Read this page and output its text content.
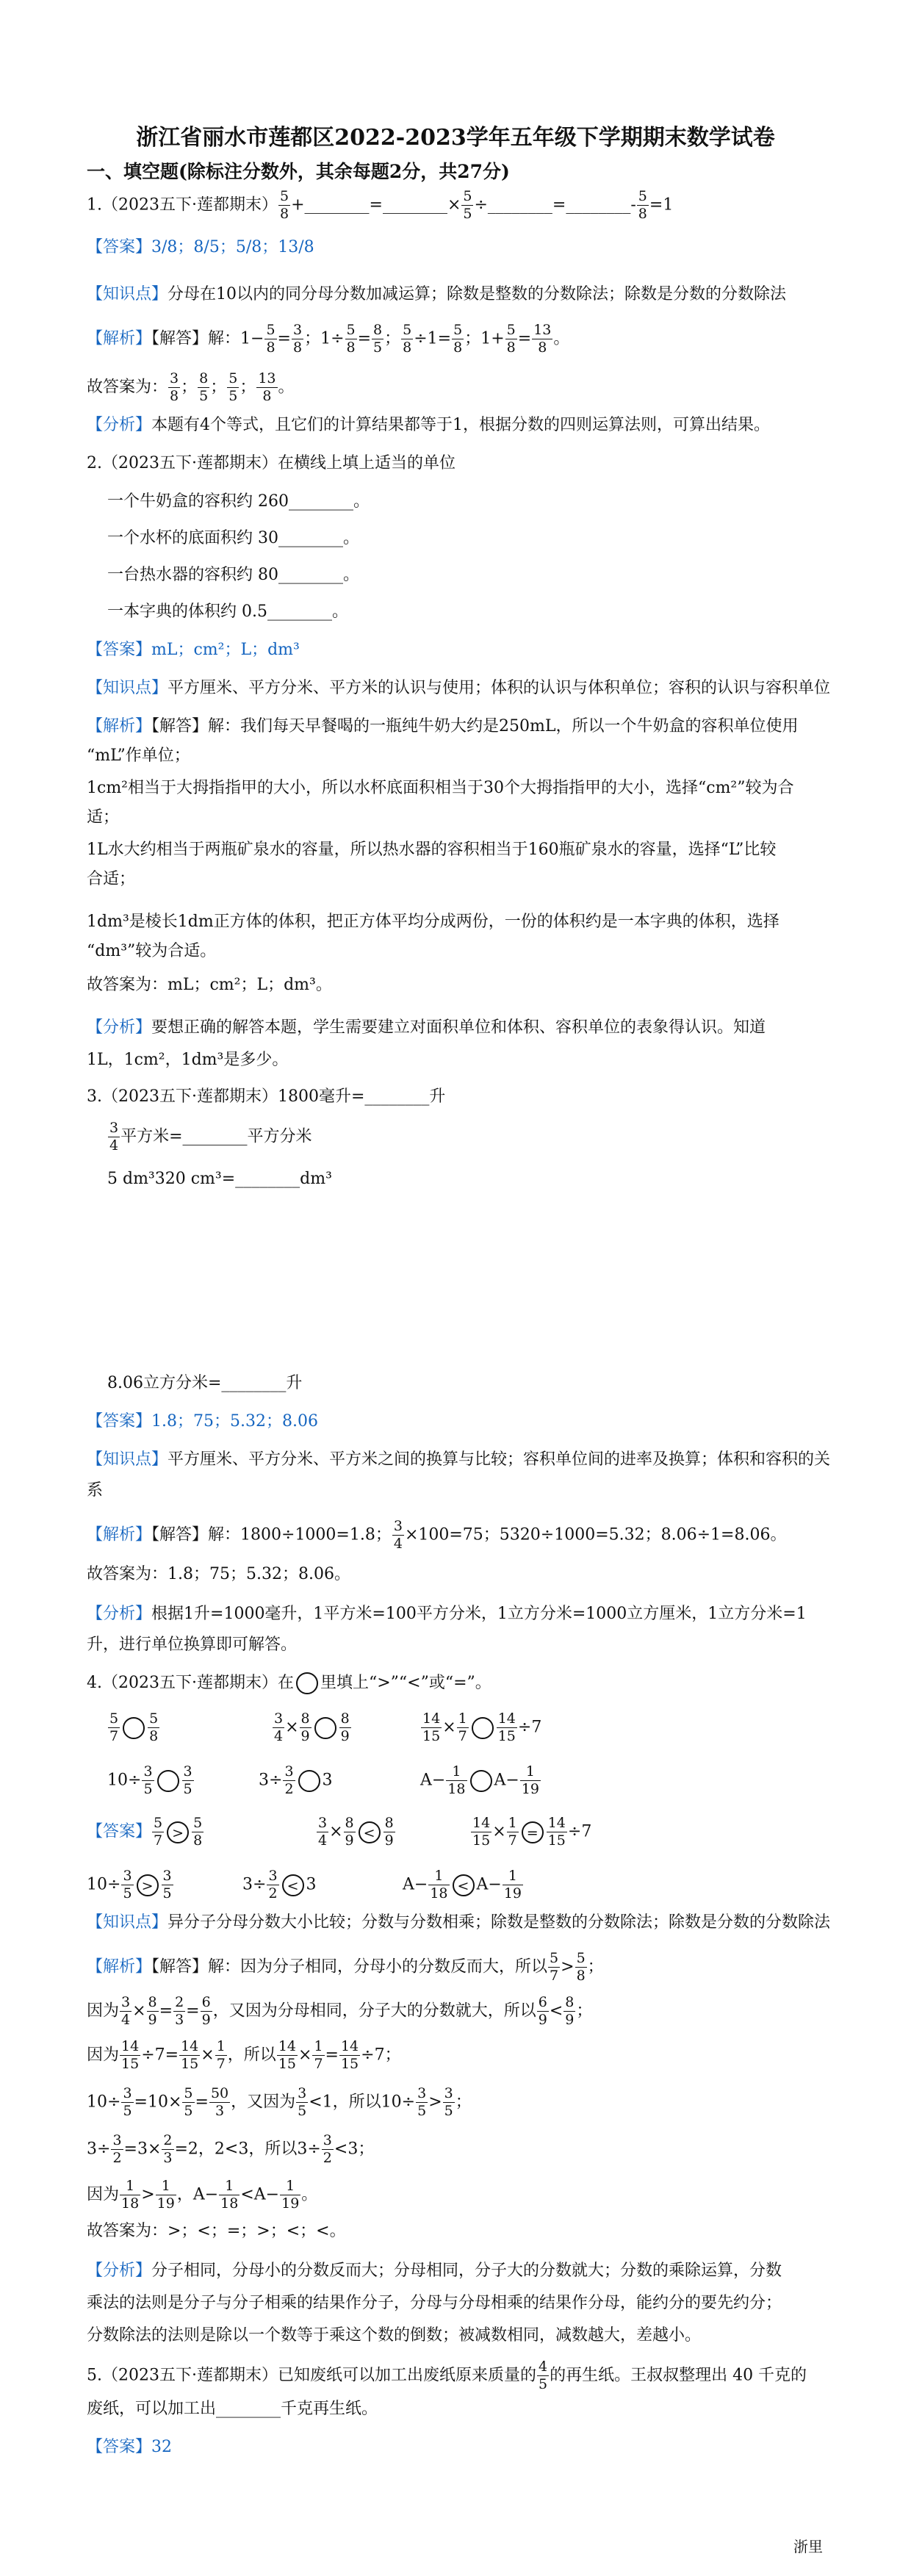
浙江省丽水市莲都区2022-2023学年五年级下学期期末数学试卷
一、填空题(除标注分数外，其余每题2分，共27分)
1.（2023五下·莲都期末） $\frac{5}{8}$ +________=________× $\frac{5}{5}$ ÷________=________- $\frac{5}{8} =1$
【答案】3/8；8/5；5/8；13/8
【知识点】分母在10以内的同分母分数加减运算；除数是整数的分数除法；除数是分数的分数除法
【解析】【解答】解：$1- \frac{5}{8} = \frac{3}{8}$ ；$1\div \frac{5}{8} = \frac{8}{5}$ ； $\frac{5}{8} \div 1= \frac{5}{8}$ ；$1+ \frac{5}{8} = \frac{13}{8}$ 。
故答案为： $\frac{3}{8}$ ； $\frac{8}{5}$ ； $\frac{5}{5}$ ； $\frac{13}{8}$ 。
【分析】本题有4个等式，且它们的计算结果都等于1，根据分数的四则运算法则，可算出结果。
2.（2023五下·莲都期末）在横线上填上适当的单位
一个牛奶盒的容积约 260________。
一个水杯的底面积约 30________。
一台热水器的容积约 80________。
一本字典的体积约 0.5________。
【答案】mL；cm²；L；dm³
【知识点】平方厘米、平方分米、平方米的认识与使用；体积的认识与体积单位；容积的认识与容积单位
【解析】【解答】解：我们每天早餐喝的一瓶纯牛奶大约是250mL，所以一个牛奶盒的容积单位使用
“mL”作单位；
1cm²相当于大拇指指甲的大小，所以水杯底面积相当于30个大拇指指甲的大小，选择“cm²”较为合
适；
1L水大约相当于两瓶矿泉水的容量，所以热水器的容积相当于160瓶矿泉水的容量，选择“L”比较
合适；
1dm³是棱长1dm正方体的体积，把正方体平均分成两份，一份的体积约是一本字典的体积，选择
“dm³”较为合适。
故答案为：mL；cm²；L；dm³。
【分析】要想正确的解答本题，学生需要建立对面积单位和体积、容积单位的表象得认识。知道
1L，1cm²，1dm³是多少。
3.（2023五下·莲都期末）1800毫升=________升
$\frac{3}{4}$ 平方米=________平方分米
5 dm³320 cm³=________dm³
8.06立方分米=________升
【答案】1.8；75；5.32；8.06
【知识点】平方厘米、平方分米、平方米之间的换算与比较；容积单位间的进率及换算；体积和容积的关
系
【解析】【解答】解：1800÷1000=1.8； $\frac{3}{4} \times 100=75$；5320÷1000=5.32；8.06÷1=8.06。
故答案为：1.8；75；5.32；8.06。
【分析】根据1升=1000毫升，1平方米=100平方分米，1立方分米=1000立方厘米，1立方分米=1
升，进行单位换算即可解答。
4.（2023五下·莲都期末）在 里填上“>”“<”或“=”。
$\frac{5}{7} \frac{5}{8}$	$\frac{3}{4} \times \frac{8}{9} \frac{8}{9}$	$\frac{14}{15} \times \frac{1}{7} \frac{14}{15} \div 7$
$10\div \frac{3}{5} \frac{3}{5}$	$3\div \frac{3}{2} 3$	$A- \frac{1}{18} A- \frac{1}{19}$
【答案】 $\frac{5}{7} > \frac{5}{8}$	$\frac{3}{4} \times \frac{8}{9} < \frac{8}{9}$	$\frac{14}{15} \times \frac{1}{7} = \frac{14}{15} \div 7$
$10\div \frac{3}{5} > \frac{3}{5}$	$3\div \frac{3}{2} < 3$	$A- \frac{1}{18} < A- \frac{1}{19}$
【知识点】异分子分母分数大小比较；分数与分数相乘；除数是整数的分数除法；除数是分数的分数除法
【解析】【解答】解：因为分子相同，分母小的分数反而大，所以 $\frac{5}{7} > \frac{5}{8}$ ；
因为 $\frac{3}{4} \times \frac{8}{9} = \frac{2}{3} = \frac{6}{9}$ ，又因为分母相同，分子大的分数就大，所以 $\frac{6}{9} < \frac{8}{9}$ ；
因为 $\frac{14}{15} \div 7= \frac{14}{15} \times \frac{1}{7}$ ，所以 $\frac{14}{15} \times \frac{1}{7} = \frac{14}{15} \div 7$；
$10\div \frac{3}{5} =10\times \frac{5}{5} = \frac{50}{3}$ ，又因为 $\frac{3}{5} <1$，所以$10\div \frac{3}{5} > \frac{3}{5}$ ；
$3\div \frac{3}{2} =3\times \frac{2}{3} =2$，2<3，所以$3\div \frac{3}{2} <3$；
因为 $\frac{1}{18} > \frac{1}{19}$ ，$A- \frac{1}{18} <A- \frac{1}{19}$ 。
故答案为：>；<；=；>；<；<。
【分析】分子相同，分母小的分数反而大；分母相同，分子大的分数就大；分数的乘除运算，分数
乘法的法则是分子与分子相乘的结果作分子，分母与分母相乘的结果作分母，能约分的要先约分；
分数除法的法则是除以一个数等于乘这个数的倒数；被减数相同，减数越大，差越小。
5.（2023五下·莲都期末）已知废纸可以加工出废纸原来质量的 $\frac{4}{5}$ 的再生纸。王叔叔整理出 40 千克的
废纸，可以加工出________千克再生纸。
【答案】32
浙里
